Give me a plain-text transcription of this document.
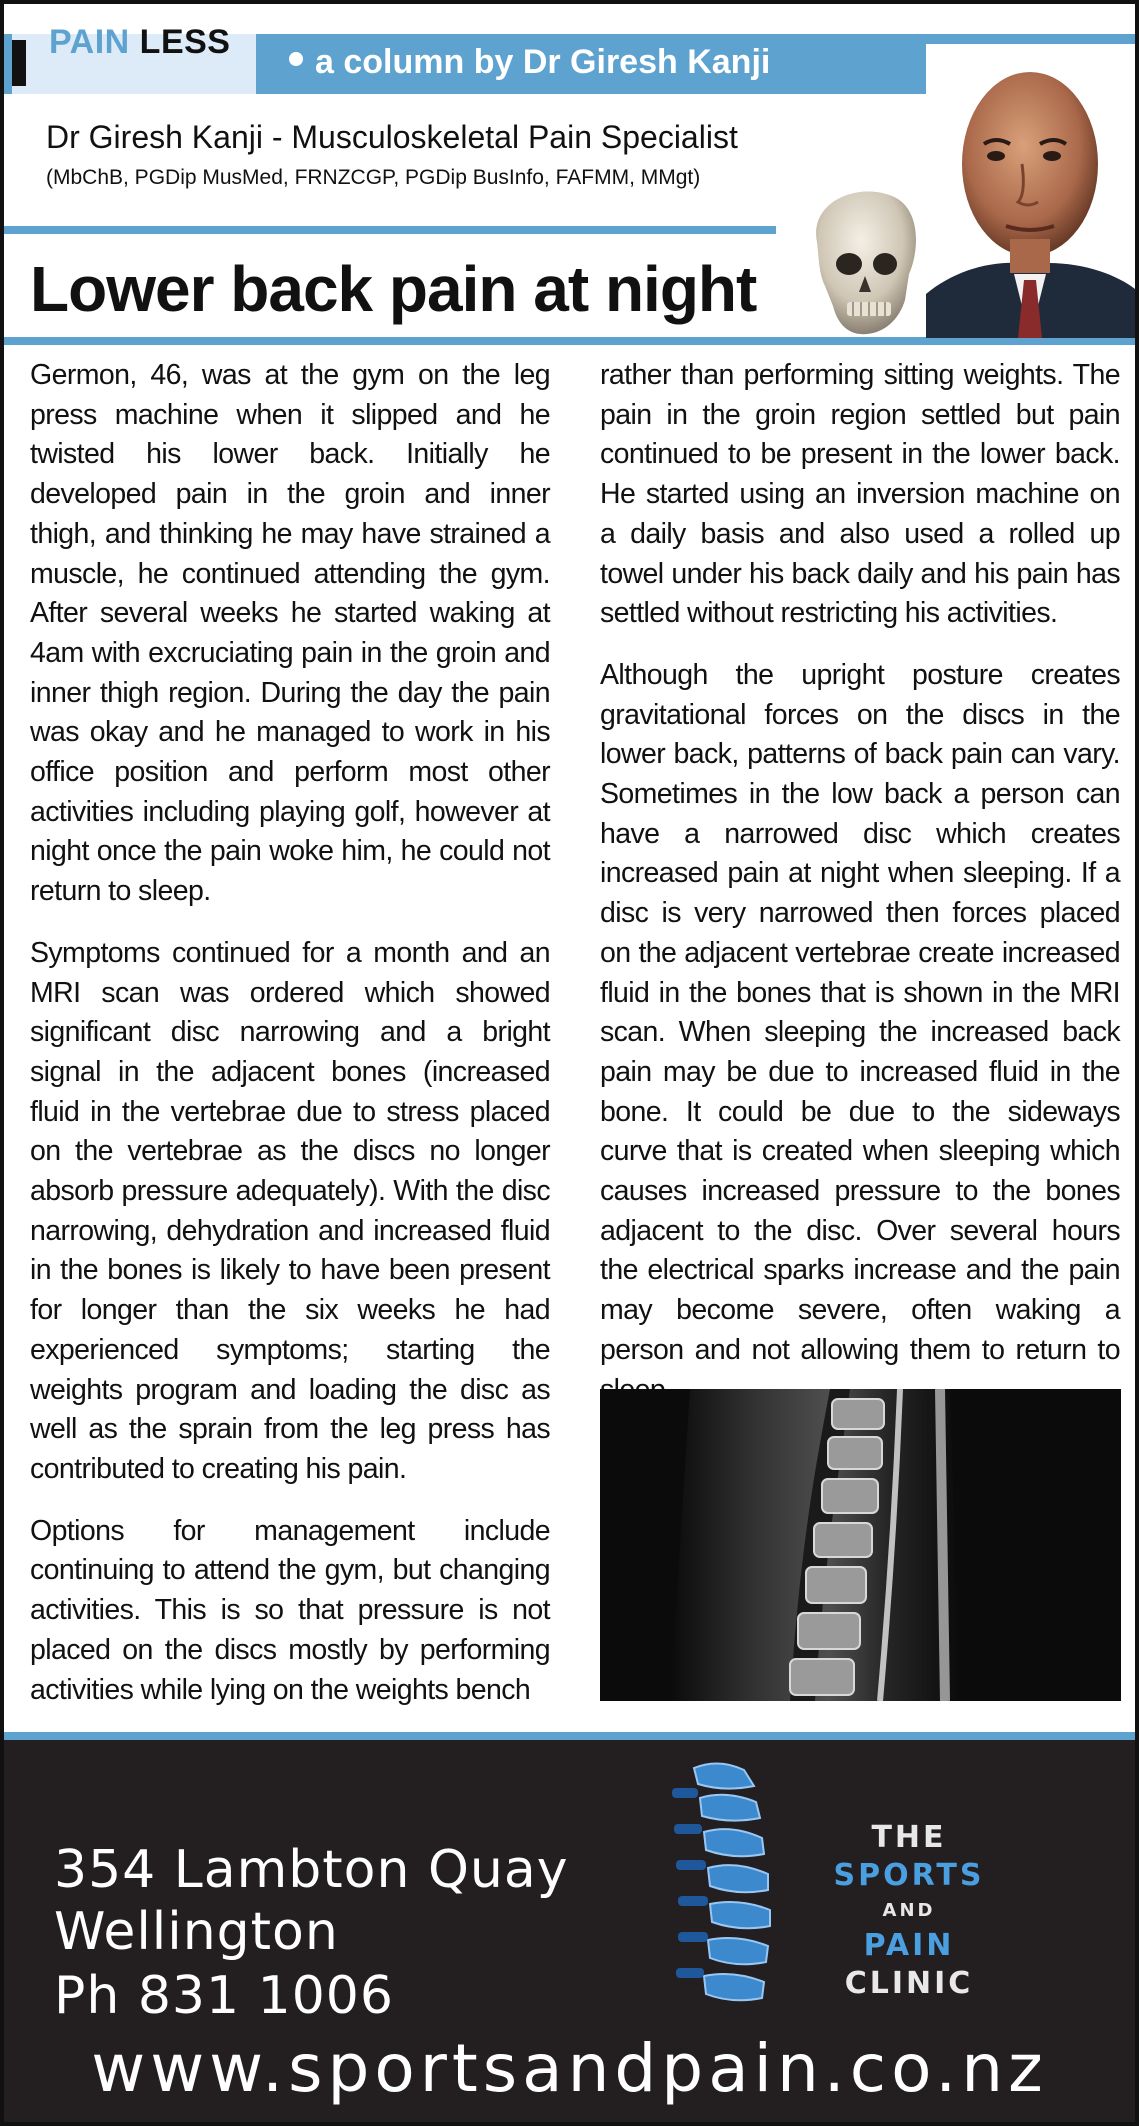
PAIN LESS
a column by Dr Giresh Kanji
Dr Giresh Kanji - Musculoskeletal Pain Specialist
(MbChB, PGDip MusMed, FRNZCGP, PGDip BusInfo, FAFMM, MMgt)
Lower back pain at night

Germon, 46, was at the gym on the leg press machine when it slipped and he twisted his lower back. Initially he developed pain in the groin and inner thigh, and thinking he may have strained a muscle, he continued attending the gym. After several weeks he started waking at 4am with excruciating pain in the groin and inner thigh region. During the day the pain was okay and he managed to work in his office position and perform most other activities including playing golf, however at night once the pain woke him, he could not return to sleep.

Symptoms continued for a month and an MRI scan was ordered which showed significant disc narrowing and a bright signal in the adjacent bones (increased fluid in the vertebrae due to stress placed on the vertebrae as the discs no longer absorb pressure adequately). With the disc narrowing, dehydration and increased fluid in the bones is likely to have been present for longer than the six weeks he had experienced symptoms; starting the weights program and loading the disc as well as the sprain from the leg press has contributed to creating his pain.

Options for management include continuing to attend the gym, but changing activities. This is so that pressure is not placed on the discs mostly by performing activities while lying on the weights bench

rather than performing sitting weights. The pain in the groin region settled but pain continued to be present in the lower back. He started using an inversion machine on a daily basis and also used a rolled up towel under his back daily and his pain has settled without restricting his activities.

Although the upright posture creates gravitational forces on the discs in the lower back, patterns of back pain can vary. Sometimes in the low back a person can have a narrowed disc which creates increased pain at night when sleeping. If a disc is very narrowed then forces placed on the adjacent vertebrae create increased fluid in the bones that is shown in the MRI scan. When sleeping the increased back pain may be due to increased fluid in the bone. It could be due to the sideways curve that is created when sleeping which causes increased pressure to the bones adjacent to the disc. Over several hours the electrical sparks increase and the pain may become severe, often waking a person and not allowing them to return to

354 Lambton Quay
Wellington
Ph 831 1006
THE
SPORTS
AND
PAIN
CLINIC
www.sportsandpain.co.nz
